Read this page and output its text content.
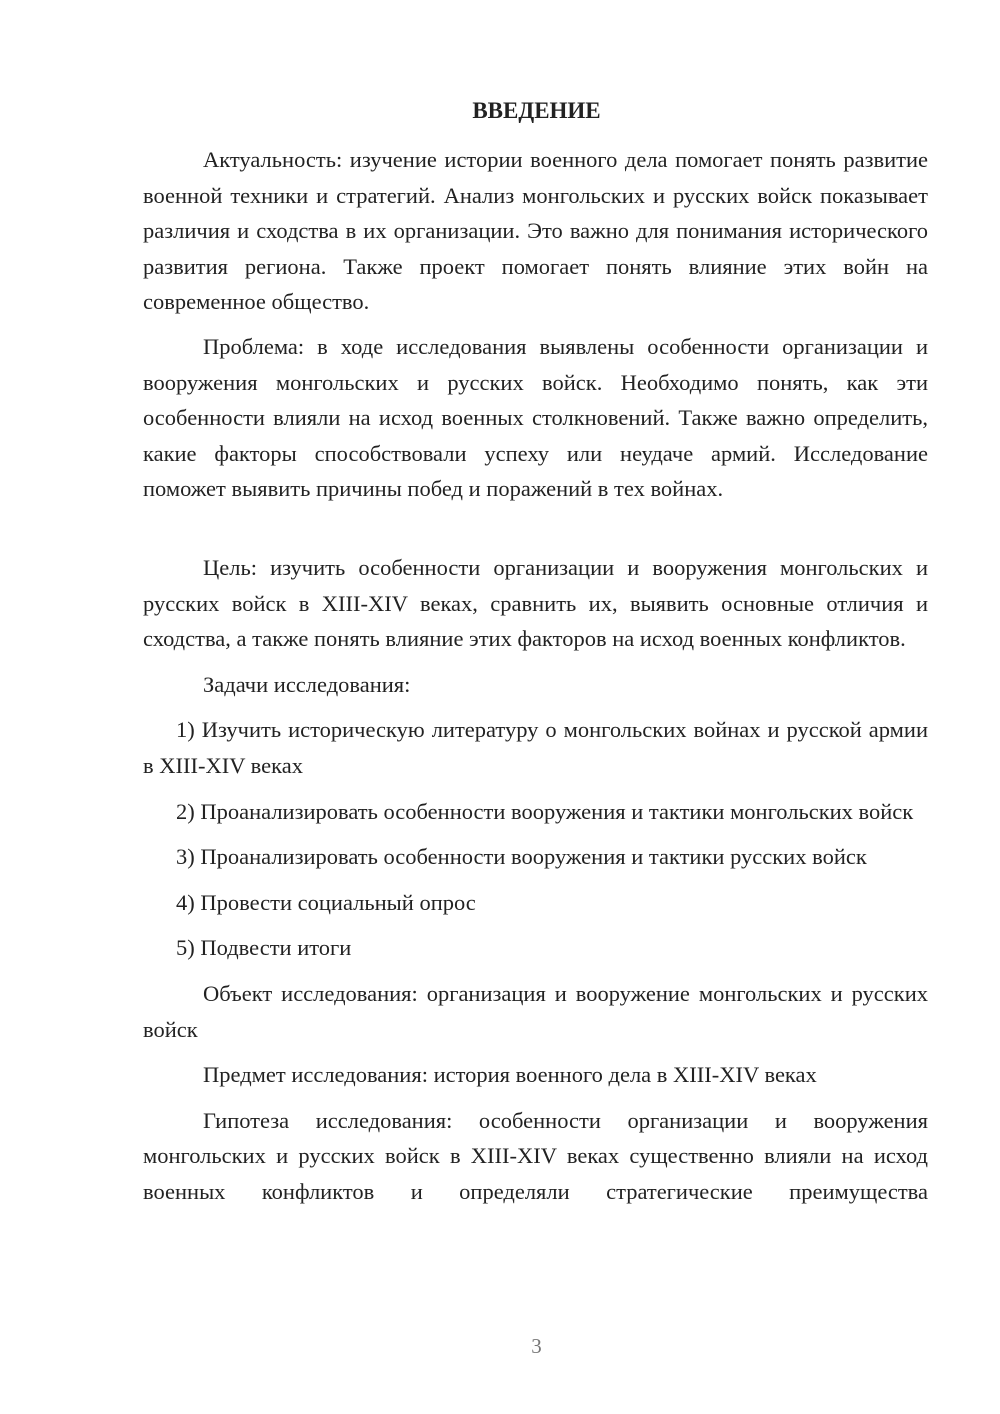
ВВЕДЕНИЕ

Актуальность: изучение истории военного дела помогает понять развитие военной техники и стратегий. Анализ монгольских и русских войск показывает различия и сходства в их организации. Это важно для понимания исторического развития региона. Также проект помогает понять влияние этих войн на современное общество.

Проблема: в ходе исследования выявлены особенности организации и вооружения монгольских и русских войск. Необходимо понять, как эти особенности влияли на исход военных столкновений. Также важно определить, какие факторы способствовали успеху или неудаче армий. Исследование поможет выявить причины побед и поражений в тех войнах.

Цель: изучить особенности организации и вооружения монгольских и русских войск в XIII-XIV веках, сравнить их, выявить основные отличия и сходства, а также понять влияние этих факторов на исход военных конфликтов.

Задачи исследования:

1) Изучить историческую литературу о монгольских войнах и русской армии в XIII-XIV веках

2) Проанализировать особенности вооружения и тактики монгольских войск

3) Проанализировать особенности вооружения и тактики русских войск

4) Провести социальный опрос

5) Подвести итоги

Объект исследования: организация и вооружение монгольских и русских войск

Предмет исследования: история военного дела в XIII-XIV веках

Гипотеза исследования: особенности организации и вооружения монгольских и русских войск в XIII-XIV веках существенно влияли на исход военных конфликтов и определяли стратегические преимущества

3
